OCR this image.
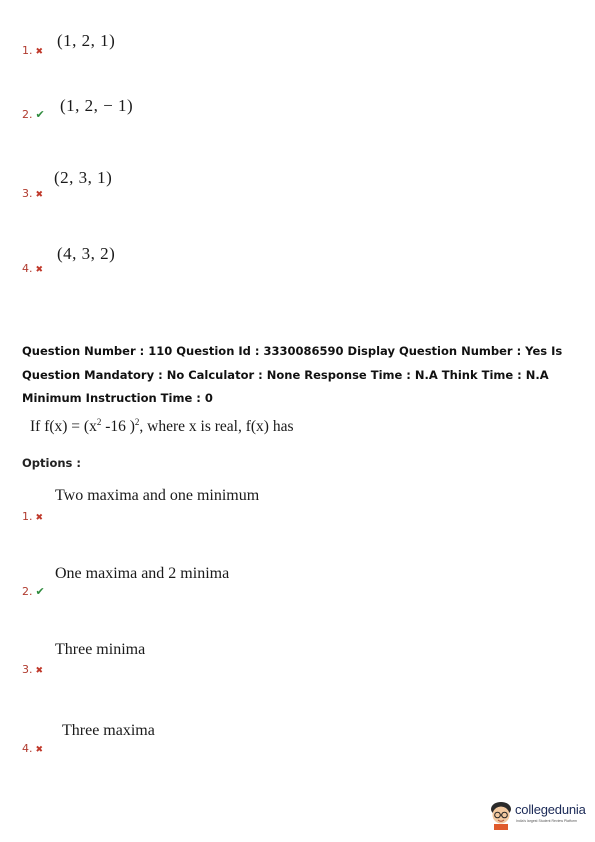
1. ✖
(1, 2, 1)
2. ✔ (1, 2, − 1)
3. ✖
(2, 3, 1)
4. ✖
(4, 3, 2)
Question Number : 110 Question Id : 3330086590 Display Question Number : Yes Is Question Mandatory : No Calculator : None Response Time : N.A Think Time : N.A Minimum Instruction Time : 0
If $f(x) = (x^2$ -16 )$^2$, where x is real, f(x) has
Options :
1. ✖
Two maxima and one minimum
2. ✔
One maxima and 2 minima
3. ✖
Three minima
4. ✖
Three maxima
collegedunia
India's largest Student Review Platform
